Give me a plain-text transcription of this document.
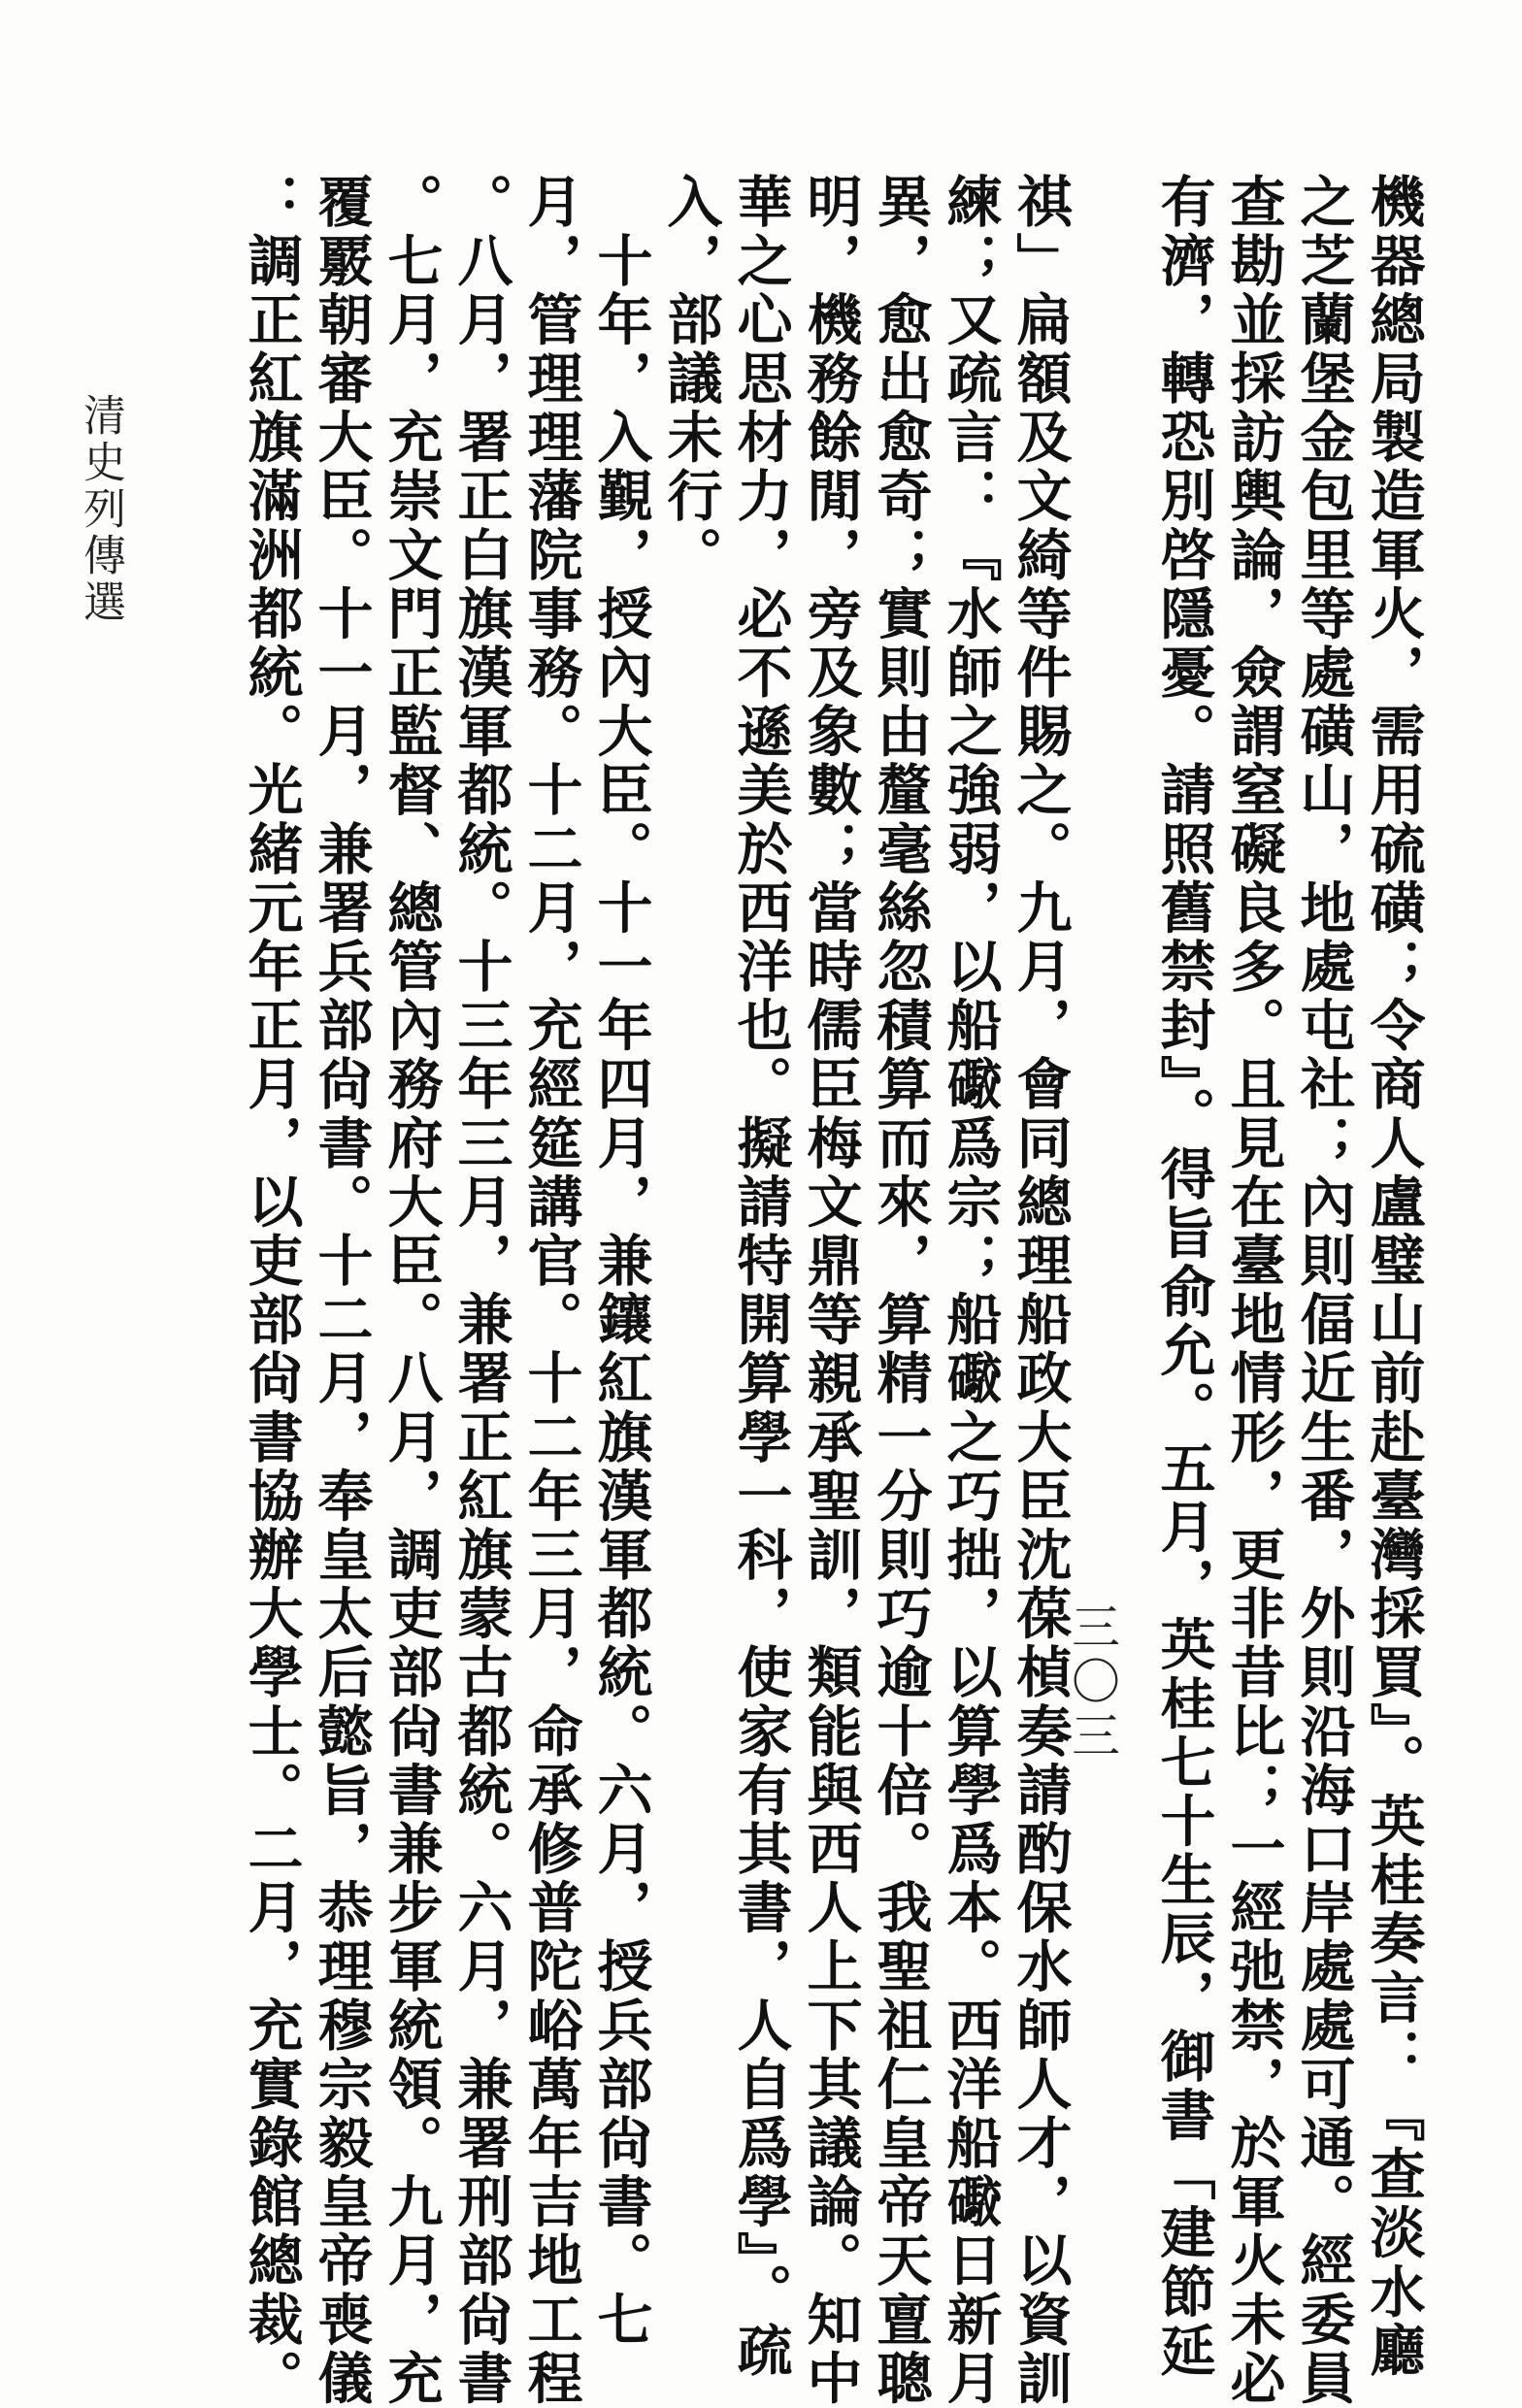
機器總局製造軍火，需用硫磺；令商人盧璧山前赴臺灣採買』。英桂奏言：『查淡水廳
之芝蘭堡金包里等處磺山，地處屯社；內則偪近生番，外則沿海口岸處處可通。經委員
查勘並採訪輿論，僉謂窒礙良多。且見在臺地情形，更非昔比；一經弛禁，於軍火未必
有濟，轉恐別啓隱憂。請照舊禁封』。得旨俞允。五月，英桂七十生辰，御書「建節延
祺」扁額及文綺等件賜之。九月，會同總理船政大臣沈葆楨奏請酌保水師人才，以資訓
練；又疏言：『水師之強弱，以船礮爲宗；船礮之巧拙，以算學爲本。西洋船礮日新月
異，愈出愈奇；實則由釐毫絲忽積算而來，算精一分則巧逾十倍。我聖祖仁皇帝天亶聰
明，機務餘閒，旁及象數；當時儒臣梅文鼎等親承聖訓，類能與西人上下其議論。知中
華之心思材力，必不遜美於西洋也。擬請特開算學一科，使家有其書，人自爲學』。疏
入，部議未行。
　十年，入覲，授內大臣。十一年四月，兼鑲紅旗漢軍都統。六月，授兵部尙書。七
月，管理理藩院事務。十二月，充經筵講官。十二年三月，命承修普陀峪萬年吉地工程
。八月，署正白旗漢軍都統。十三年三月，兼署正紅旗蒙古都統。六月，兼署刑部尙書
。七月，充崇文門正監督、總管內務府大臣。八月，調吏部尙書兼步軍統領。九月，充
覆覈朝審大臣。十一月，兼署兵部尙書。十二月，奉皇太后懿旨，恭理穆宗毅皇帝喪儀
：調正紅旗滿洲都統。光緒元年正月，以吏部尙書協辦大學士。二月，充實錄館總裁。
清史列傳選
三〇三
